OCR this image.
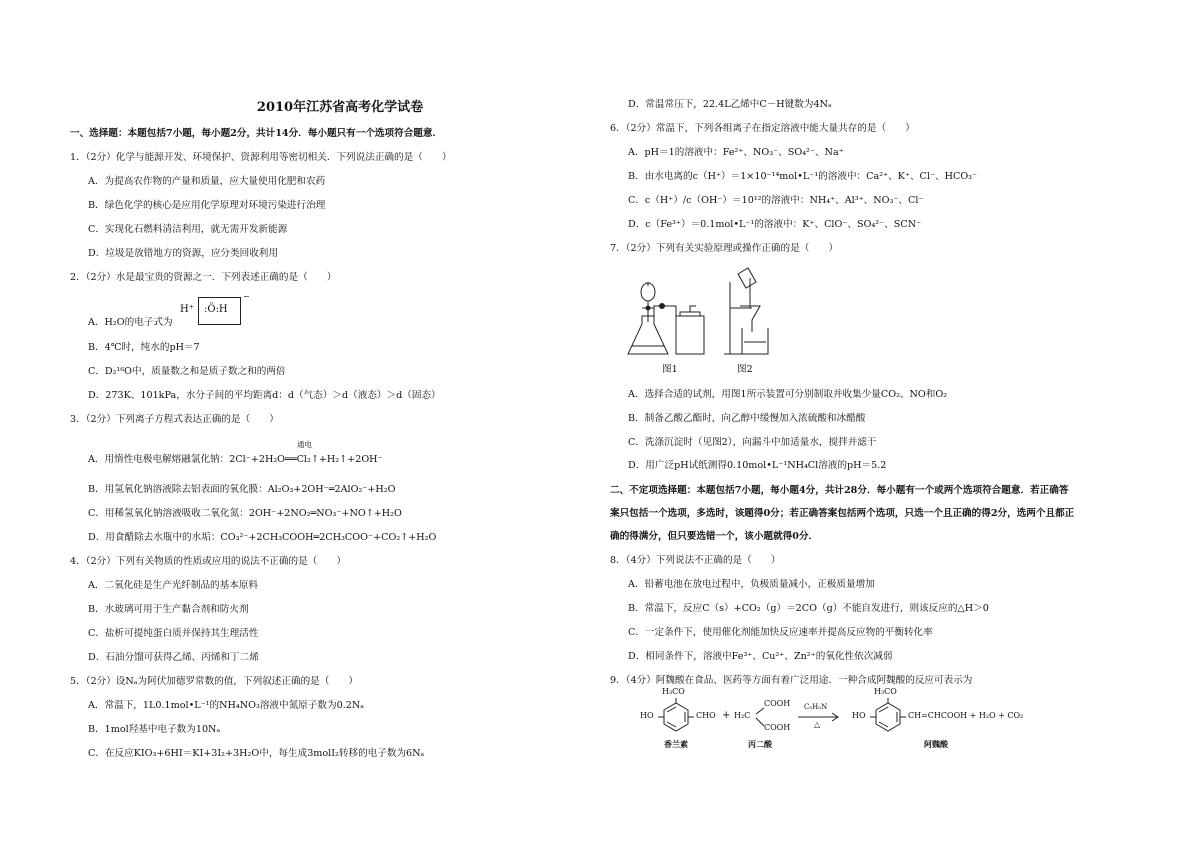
2010年江苏省高考化学试卷
一、选择题：本题包括7小题，每小题2分，共计14分．每小题只有一个选项符合题意．
1．（2分）化学与能源开发、环境保护、资源利用等密切相关．下列说法正确的是（　　）
A．为提高农作物的产量和质量，应大量使用化肥和农药
B．绿色化学的核心是应用化学原理对环境污染进行治理
C．实现化石燃料清洁利用，就无需开发新能源
D．垃圾是放错地方的资源，应分类回收利用
2．（2分）水是最宝贵的资源之一．下列表述正确的是（　　）
A．H₂O的电子式为
H⁺ :Ö:H
−
B．4℃时，纯水的pH＝7
C．D₂¹⁶O中，质量数之和是质子数之和的两倍
D．273K、101kPa，水分子间的平均距离d：d（气态）＞d（液态）＞d（固态）
3．（2分）下列离子方程式表达正确的是（　　）
通电
A．用惰性电极电解熔融氯化钠：2Cl⁻+2H₂O══Cl₂↑+H₂↑+2OH⁻
B．用氢氧化钠溶液除去铝表面的氧化膜：Al₂O₃+2OH⁻═2AlO₂⁻+H₂O
C．用稀氢氧化钠溶液吸收二氧化氮：2OH⁻+2NO₂═NO₃⁻+NO↑+H₂O
D．用食醋除去水瓶中的水垢：CO₃²⁻+2CH₃COOH═2CH₃COO⁻+CO₂↑+H₂O
4．（2分）下列有关物质的性质或应用的说法不正确的是（　　）
A．二氧化硅是生产光纤制品的基本原料
B．水玻璃可用于生产黏合剂和防火剂
C．盐析可提纯蛋白质并保持其生理活性
D．石油分馏可获得乙烯、丙烯和丁二烯
5．（2分）设Nₐ为阿伏加德罗常数的值，下列叙述正确的是（　　）
A．常温下，1L0.1mol•L⁻¹的NH₄NO₃溶液中氮原子数为0.2Nₐ
B．1mol羟基中电子数为10Nₐ
C．在反应KIO₃+6HI＝KI+3I₂+3H₂O中，每生成3molI₂转移的电子数为6Nₐ
D．常温常压下，22.4L乙烯中C－H键数为4Nₐ
6．（2分）常温下，下列各组离子在指定溶液中能大量共存的是（　　）
A．pH＝1的溶液中：Fe²⁺、NO₃⁻、SO₄²⁻、Na⁺
B．由水电离的c（H⁺）＝1×10⁻¹⁴mol•L⁻¹的溶液中：Ca²⁺、K⁺、Cl⁻、HCO₃⁻
C．c（H⁺）/c（OH⁻）＝10¹²的溶液中：NH₄⁺、Al³⁺、NO₃⁻、Cl⁻
D．c（Fe³⁺）＝0.1mol•L⁻¹的溶液中：K⁺、ClO⁻、SO₄²⁻、SCN⁻
7．（2分）下列有关实验原理或操作正确的是（　　）
图1	图2
A．选择合适的试剂，用图1所示装置可分别制取并收集少量CO₂、NO和O₂
B．制备乙酸乙酯时，向乙醇中缓慢加入浓硫酸和冰醋酸
C．洗涤沉淀时（见图2），向漏斗中加适量水，搅拌并滤干
D．用广泛pH试纸测得0.10mol•L⁻¹NH₄Cl溶液的pH＝5.2
二、不定项选择题：本题包括7小题，每小题4分，共计28分．每小题有一个或两个选项符合题意．若正确答
案只包括一个选项，多选时，该题得0分；若正确答案包括两个选项，只选一个且正确的得2分，选两个且都正
确的得满分，但只要选错一个，该小题就得0分．
8．（4分）下列说法不正确的是（　　）
A．铅蓄电池在放电过程中，负极质量减小，正极质量增加
B．常温下，反应C（s）+CO₂（g）＝2CO（g）不能自发进行，则该反应的△H＞0
C．一定条件下，使用催化剂能加快反应速率并提高反应物的平衡转化率
D．相同条件下，溶液中Fe³⁺、Cu²⁺、Zn²⁺的氧化性依次减弱
9．（4分）阿魏酸在食品、医药等方面有着广泛用途．一种合成阿魏酸的反应可表示为
H₃CO
HO	CHO + H₂C
COOH
COOH
C₅H₅N
△
H₃CO
HO	CH=CHCOOH + H₂O + CO₂
香兰素	丙二酸	阿魏酸
